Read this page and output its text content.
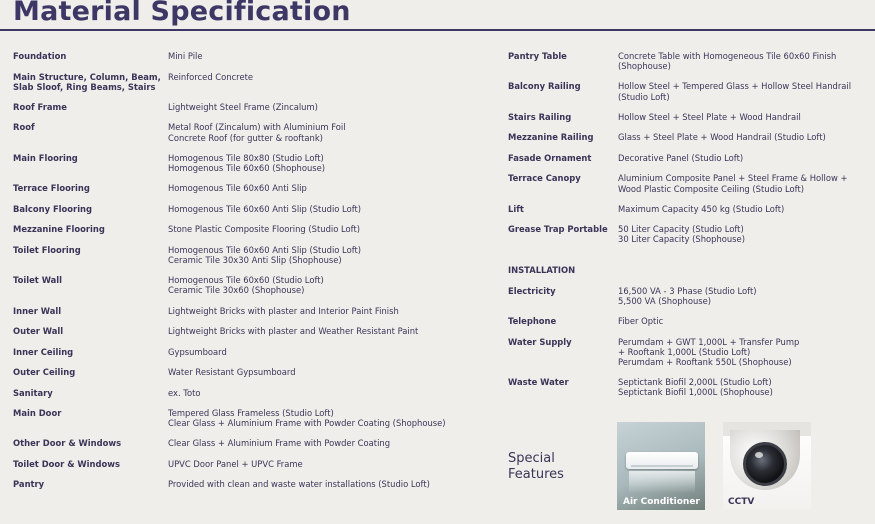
Material Specification
Foundation	Mini Pile
Main Structure, Column, Beam,
Slab Sloof, Ring Beams, Stairs
Reinforced Concrete
Roof Frame	Lightweight Steel Frame (Zincalum)
Roof	Metal Roof (Zincalum) with Aluminium Foil
Concrete Roof (for gutter & rooftank)
Main Flooring	Homogenous Tile 80x80 (Studio Loft)
Homogenous Tile 60x60 (Shophouse)
Terrace Flooring	Homogenous Tile 60x60 Anti Slip
Balcony Flooring	Homogenous Tile 60x60 Anti Slip (Studio Loft)
Mezzanine Flooring	Stone Plastic Composite Flooring (Studio Loft)
Toilet Flooring	Homogenous Tile 60x60 Anti Slip (Studio Loft)
Ceramic Tile 30x30 Anti Slip (Shophouse)
Toilet Wall	Homogenous Tile 60x60 (Studio Loft)
Ceramic Tile 30x60 (Shophouse)
Inner Wall	Lightweight Bricks with plaster and Interior Paint Finish
Outer Wall	Lightweight Bricks with plaster and Weather Resistant Paint
Inner Ceiling	Gypsumboard
Outer Ceiling	Water Resistant Gypsumboard
Sanitary	ex. Toto
Main Door	Tempered Glass Frameless (Studio Loft)
Clear Glass + Aluminium Frame with Powder Coating (Shophouse)
Other Door & Windows	Clear Glass + Aluminium Frame with Powder Coating
Toilet Door & Windows	UPVC Door Panel + UPVC Frame
Pantry	Provided with clean and waste water installations (Studio Loft)
Pantry Table	Concrete Table with Homogeneous Tile 60x60 Finish
(Shophouse)
Balcony Railing	Hollow Steel + Tempered Glass + Hollow Steel Handrail
(Studio Loft)
Stairs Railing	Hollow Steel + Steel Plate + Wood Handrail
Mezzanine Railing	Glass + Steel Plate + Wood Handrail (Studio Loft)
Fasade Ornament	Decorative Panel (Studio Loft)
Terrace Canopy	Aluminium Composite Panel + Steel Frame & Hollow +
Wood Plastic Composite Ceiling (Studio Loft)
Lift	Maximum Capacity 450 kg (Studio Loft)
Grease Trap Portable	50 Liter Capacity (Studio Loft)
30 Liter Capacity (Shophouse)
INSTALLATION
Electricity	16,500 VA - 3 Phase (Studio Loft)
5,500 VA (Shophouse)
Telephone	Fiber Optic
Water Supply	Perumdam + GWT 1,000L + Transfer Pump
+ Rooftank 1,000L (Studio Loft)
Perumdam + Rooftank 550L (Shophouse)
Waste Water	Septictank Biofil 2,000L (Studio Loft)
Septictank Biofil 1,000L (Shophouse)
Special
Features
Air Conditioner	CCTV
